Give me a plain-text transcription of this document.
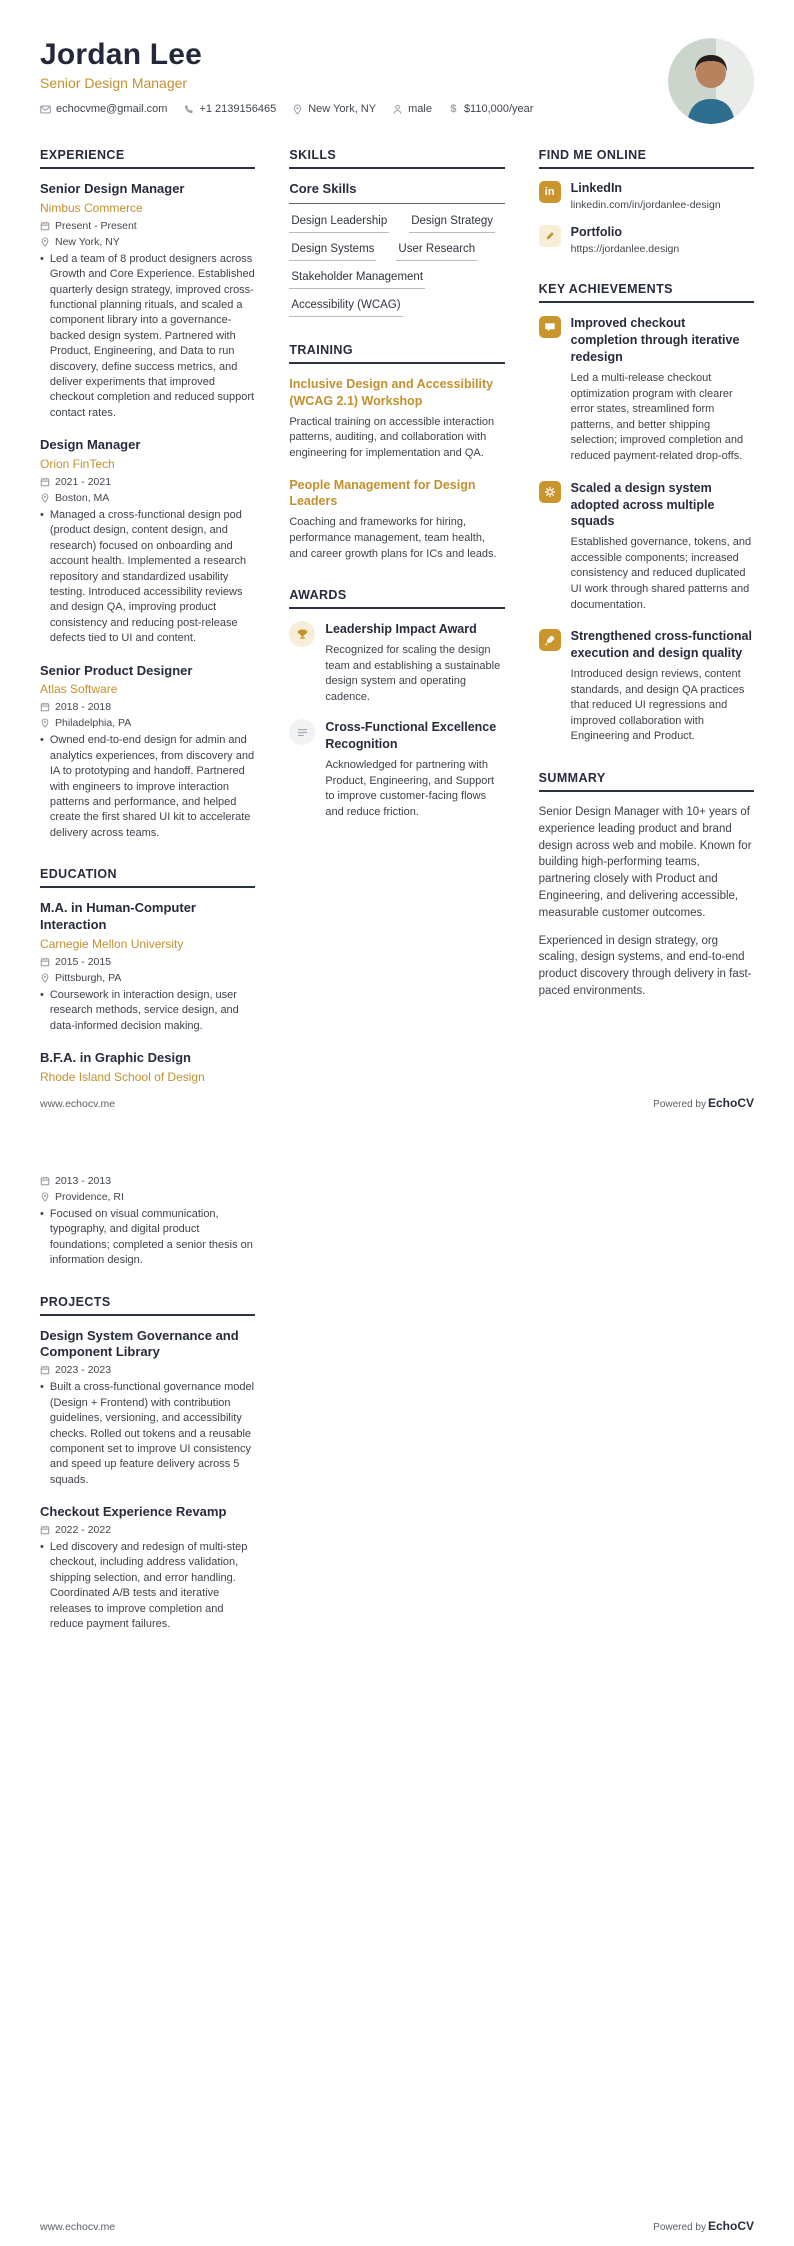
Jordan Lee
Senior Design Manager
echocvme@gmail.com	+1 2139156465	New York, NY	male $ $110,000/year
EXPERIENCE
Senior Design Manager
Nimbus Commerce
Present - Present
New York, NY
• Led a team of 8 product designers across Growth and Core Experience. Established quarterly design strategy, improved cross-functional planning rituals, and scaled a component library into a governance-backed design system. Partnered with Product, Engineering, and Data to run discovery, define success metrics, and deliver experiments that improved checkout completion and reduced support contact rates.
Design Manager
Orion FinTech
2021 - 2021
Boston, MA
• Managed a cross-functional design pod (product design, content design, and research) focused on onboarding and account health. Implemented a research repository and standardized usability testing. Introduced accessibility reviews and design QA, improving product consistency and reducing post-release defects tied to UI and content.
Senior Product Designer
Atlas Software
2018 - 2018
Philadelphia, PA
• Owned end-to-end design for admin and analytics experiences, from discovery and IA to prototyping and handoff. Partnered with engineers to improve interaction patterns and performance, and helped create the first shared UI kit to accelerate delivery across teams.
EDUCATION
M.A. in Human-Computer Interaction
Carnegie Mellon University
2015 - 2015
Pittsburgh, PA
• Coursework in interaction design, user research methods, service design, and data-informed decision making.
B.F.A. in Graphic Design
Rhode Island School of Design
SKILLS
Core Skills
Design Leadership Design Strategy
Design Systems User Research
Stakeholder Management
Accessibility (WCAG)
TRAINING
Inclusive Design and Accessibility (WCAG 2.1) Workshop
Practical training on accessible interaction patterns, auditing, and collaboration with engineering for implementation and QA.
People Management for Design Leaders
Coaching and frameworks for hiring, performance management, team health, and career growth plans for ICs and leads.
AWARDS
Leadership Impact Award
Recognized for scaling the design team and establishing a sustainable design system and operating cadence.
Cross-Functional Excellence Recognition
Acknowledged for partnering with Product, Engineering, and Support to improve customer-facing flows and reduce friction.
FIND ME ONLINE
in	LinkedIn
linkedin.com/in/jordanlee-design
Portfolio
https://jordanlee.design
KEY ACHIEVEMENTS
Improved checkout completion through iterative redesign
Led a multi-release checkout optimization program with clearer error states, streamlined form patterns, and better shipping selection; improved completion and reduced payment-related drop-offs.
Scaled a design system adopted across multiple squads
Established governance, tokens, and accessible components; increased consistency and reduced duplicated UI work through shared patterns and documentation.
Strengthened cross-functional execution and design quality
Introduced design reviews, content standards, and design QA practices that reduced UI regressions and improved collaboration with Engineering and Product.
SUMMARY

Senior Design Manager with 10+ years of experience leading product and brand design across web and mobile. Known for building high-performing teams, partnering closely with Product and Engineering, and delivering accessible, measurable customer outcomes.

Experienced in design strategy, org scaling, design systems, and end-to-end product discovery through delivery in fast-paced environments.

www.echocv.me	Powered by EchoCV
2013 - 2013
Providence, RI
• Focused on visual communication, typography, and digital product foundations; completed a senior thesis on information design.
PROJECTS
Design System Governance and Component Library
2023 - 2023
• Built a cross-functional governance model (Design + Frontend) with contribution guidelines, versioning, and accessibility checks. Rolled out tokens and a reusable component set to improve UI consistency and speed up feature delivery across 5 squads.
Checkout Experience Revamp
2022 - 2022
• Led discovery and redesign of multi-step checkout, including address validation, shipping selection, and error handling. Coordinated A/B tests and iterative releases to improve completion and reduce payment failures.
www.echocv.me	Powered by EchoCV
